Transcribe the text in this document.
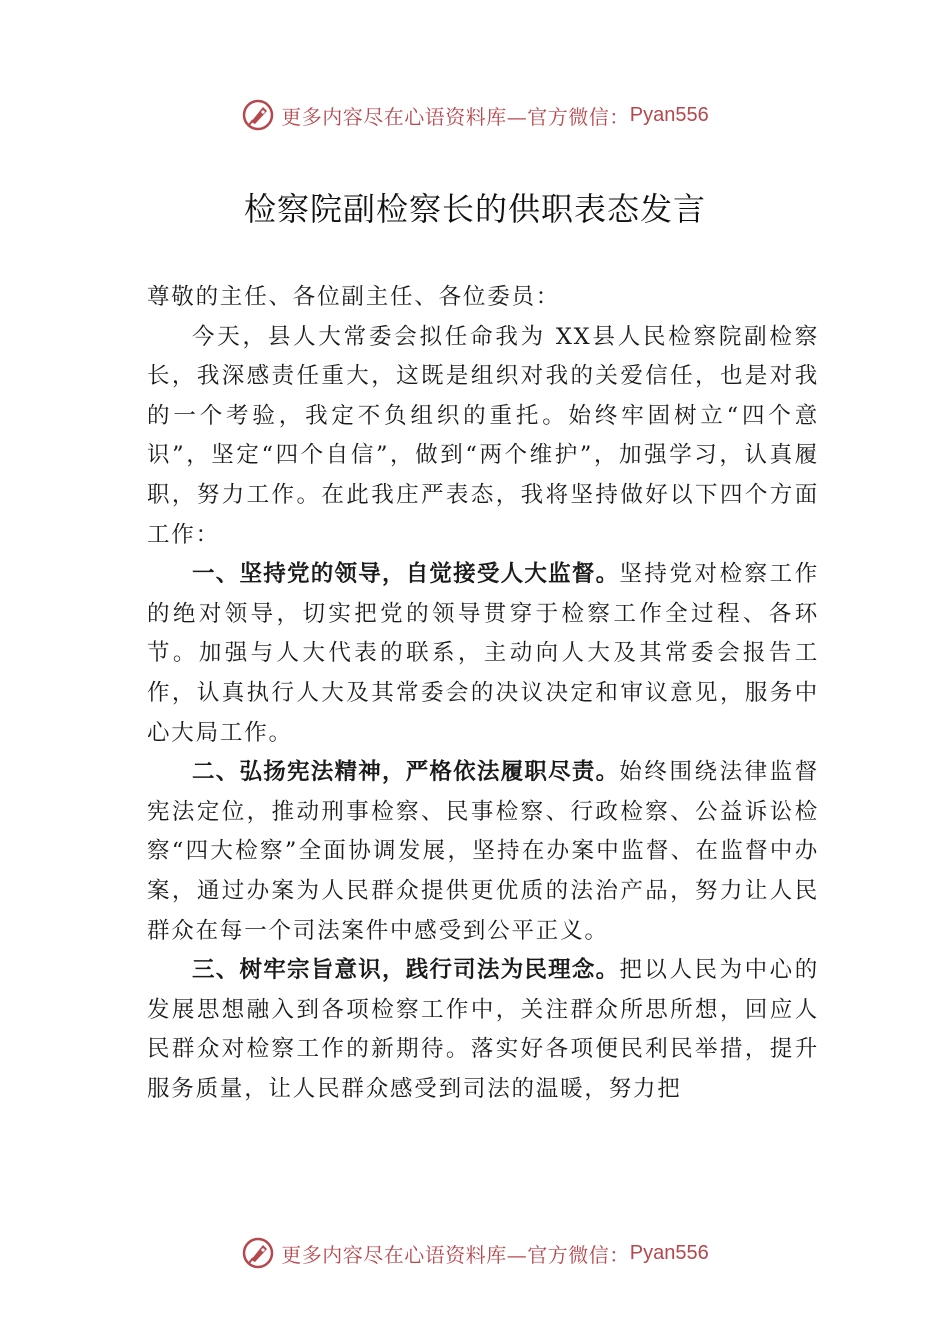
更多内容尽在心语资料库—官方微信： Pyan556
检察院副检察长的供职表态发言

尊敬的主任、各位副主任、各位委员：

今天，县人大常委会拟任命我为 XX县人民检察院副检察长，我深感责任重大，这既是组织对我的关爱信任，也是对我的一个考验，我定不负组织的重托。始终牢固树立“四个意识”，坚定“四个自信”，做到“两个维护”，加强学习，认真履职，努力工作。在此我庄严表态，我将坚持做好以下四个方面工作：

一、坚持党的领导，自觉接受人大监督。坚持党对检察工作的绝对领导，切实把党的领导贯穿于检察工作全过程、各环节。加强与人大代表的联系，主动向人大及其常委会报告工作，认真执行人大及其常委会的决议决定和审议意见，服务中心大局工作。

二、弘扬宪法精神，严格依法履职尽责。始终围绕法律监督宪法定位，推动刑事检察、民事检察、行政检察、公益诉讼检察“四大检察”全面协调发展，坚持在办案中监督、在监督中办案，通过办案为人民群众提供更优质的法治产品，努力让人民群众在每一个司法案件中感受到公平正义。

三、树牢宗旨意识，践行司法为民理念。把以人民为中心的发展思想融入到各项检察工作中，关注群众所思所想，回应人民群众对检察工作的新期待。落实好各项便民利民举措，提升服务质量，让人民群众感受到司法的温暖，努力把

更多内容尽在心语资料库—官方微信： Pyan556
